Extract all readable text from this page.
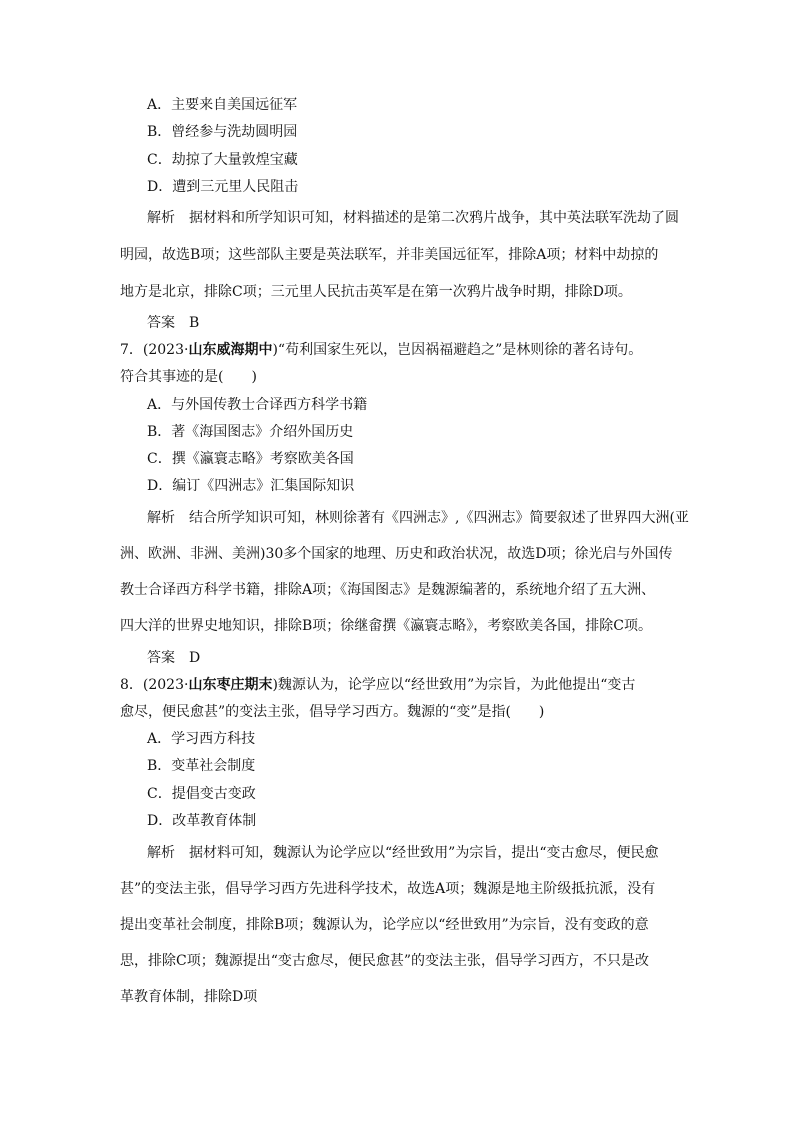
A．主要来自美国远征军
B．曾经参与洗劫圆明园
C．劫掠了大量敦煌宝藏
D．遭到三元里人民阻击
解析 据材料和所学知识可知，材料描述的是第二次鸦片战争，其中英法联军洗劫了圆
明园，故选B项；这些部队主要是英法联军，并非美国远征军，排除A项；材料中劫掠的
地方是北京，排除C项；三元里人民抗击英军是在第一次鸦片战争时期，排除D项。
答案 B
7．(2023·山东威海期中)“苟利国家生死以，岂因祸福避趋之”是林则徐的著名诗句。
符合其事迹的是(　　)
A．与外国传教士合译西方科学书籍
B．著《海国图志》介绍外国历史
C．撰《瀛寰志略》考察欧美各国
D．编订《四洲志》汇集国际知识
解析 结合所学知识可知，林则徐著有《四洲志》,《四洲志》简要叙述了世界四大洲(亚
洲、欧洲、非洲、美洲)30多个国家的地理、历史和政治状况，故选D项；徐光启与外国传
教士合译西方科学书籍，排除A项；《海国图志》是魏源编著的，系统地介绍了五大洲、
四大洋的世界史地知识，排除B项；徐继畲撰《瀛寰志略》，考察欧美各国，排除C项。
答案 D
8．(2023·山东枣庄期末)魏源认为，论学应以“经世致用”为宗旨，为此他提出“变古
愈尽，便民愈甚”的变法主张，倡导学习西方。魏源的“变”是指(　　)
A．学习西方科技
B．变革社会制度
C．提倡变古变政
D．改革教育体制
解析 据材料可知，魏源认为论学应以“经世致用”为宗旨，提出“变古愈尽，便民愈
甚”的变法主张，倡导学习西方先进科学技术，故选A项；魏源是地主阶级抵抗派，没有
提出变革社会制度，排除B项；魏源认为，论学应以“经世致用”为宗旨，没有变政的意
思，排除C项；魏源提出“变古愈尽，便民愈甚”的变法主张，倡导学习西方，不只是改
革教育体制，排除D项
